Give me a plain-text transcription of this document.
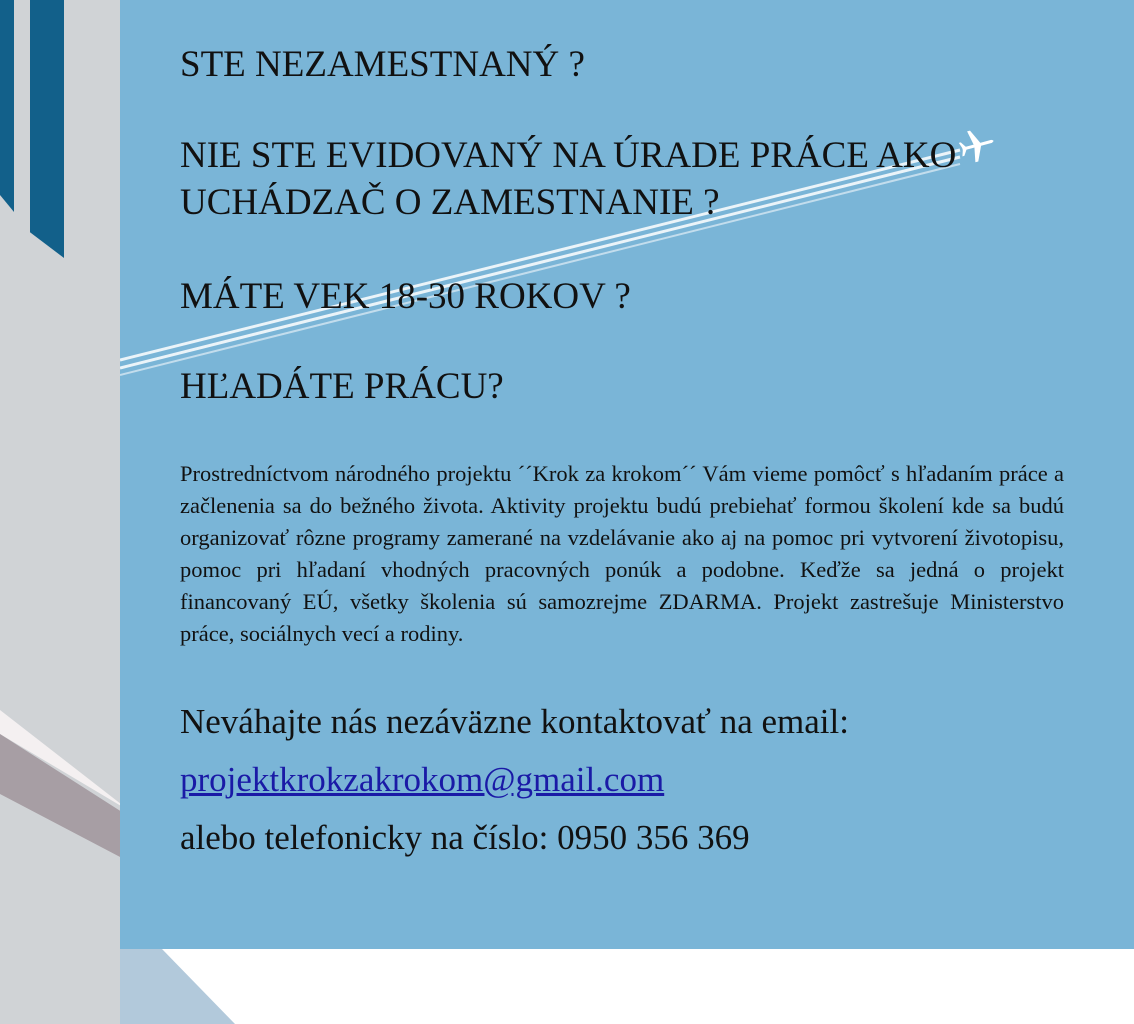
STE NEZAMESTNANÝ ?
NIE STE EVIDOVANÝ NA ÚRADE PRÁCE AKO UCHÁDZAČ O ZAMESTNANIE ?
MÁTE VEK 18-30 ROKOV ?
HĽADÁTE PRÁCU?

Prostredníctvom národného projektu ´´Krok za krokom´´ Vám vieme pomôcť s hľadaním práce a začlenenia sa do bežného života. Aktivity projektu budú prebiehať formou školení kde sa budú organizovať rôzne programy zamerané na vzdelávanie ako aj na pomoc pri vytvorení životopisu, pomoc pri hľadaní vhodných pracovných ponúk a podobne. Keďže sa jedná o projekt financovaný EÚ, všetky školenia sú samozrejme ZDARMA. Projekt zastrešuje Ministerstvo práce, sociálnych vecí a rodiny.

Neváhajte nás nezáväzne kontaktovať na email:

projektkrokzakrokom@gmail.com

alebo telefonicky na číslo: 0950 356 369
